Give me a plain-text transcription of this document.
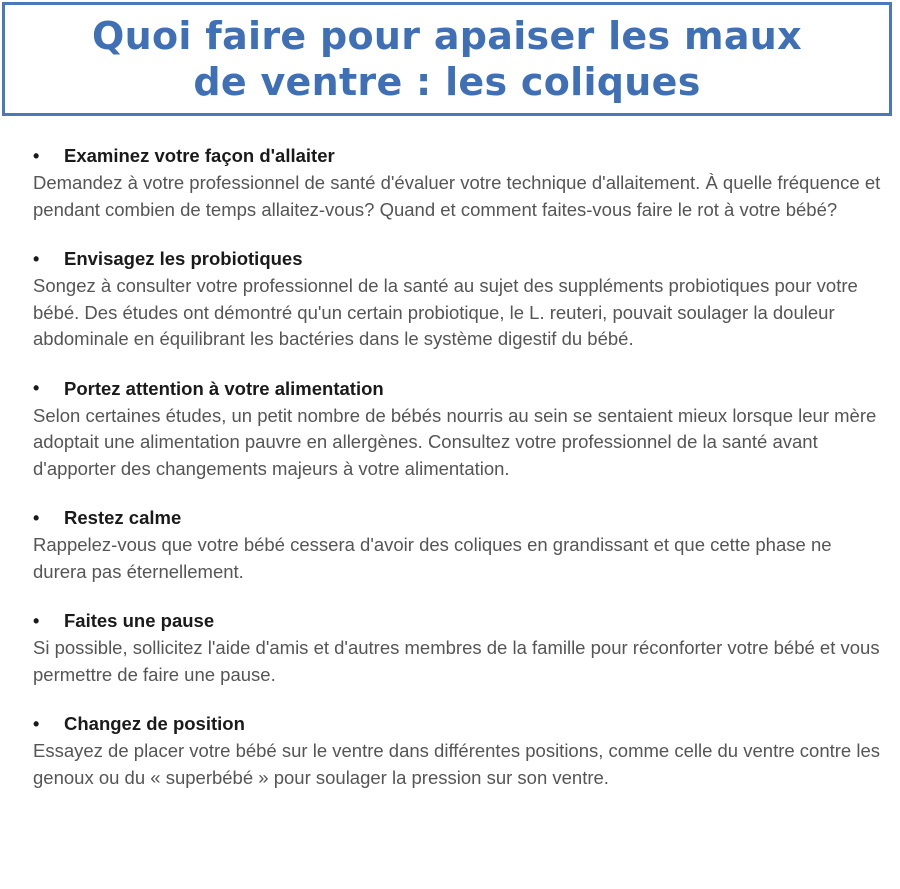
Quoi faire pour apaiser les maux
de ventre : les coliques
•	Examinez votre façon d'allaiter
Demandez à votre professionnel de santé d'évaluer votre technique d'allaitement. À quelle fréquence et pendant combien de temps allaitez-vous? Quand et comment faites-vous faire le rot à votre bébé?
•	Envisagez les probiotiques
Songez à consulter votre professionnel de la santé au sujet des suppléments probiotiques pour votre bébé. Des études ont démontré qu'un certain probiotique, le L. reuteri, pouvait soulager la douleur abdominale en équilibrant les bactéries dans le système digestif du bébé.
•	Portez attention à votre alimentation
Selon certaines études, un petit nombre de bébés nourris au sein se sentaient mieux lorsque leur mère adoptait une alimentation pauvre en allergènes. Consultez votre professionnel de la santé avant d'apporter des changements majeurs à votre alimentation.
•	Restez calme
Rappelez-vous que votre bébé cessera d'avoir des coliques en grandissant et que cette phase ne durera pas éternellement.
•	Faites une pause
Si possible, sollicitez l'aide d'amis et d'autres membres de la famille pour réconforter votre bébé et vous permettre de faire une pause.
•	Changez de position
Essayez de placer votre bébé sur le ventre dans différentes positions, comme celle du ventre contre les genoux ou du « superbébé » pour soulager la pression sur son ventre.
